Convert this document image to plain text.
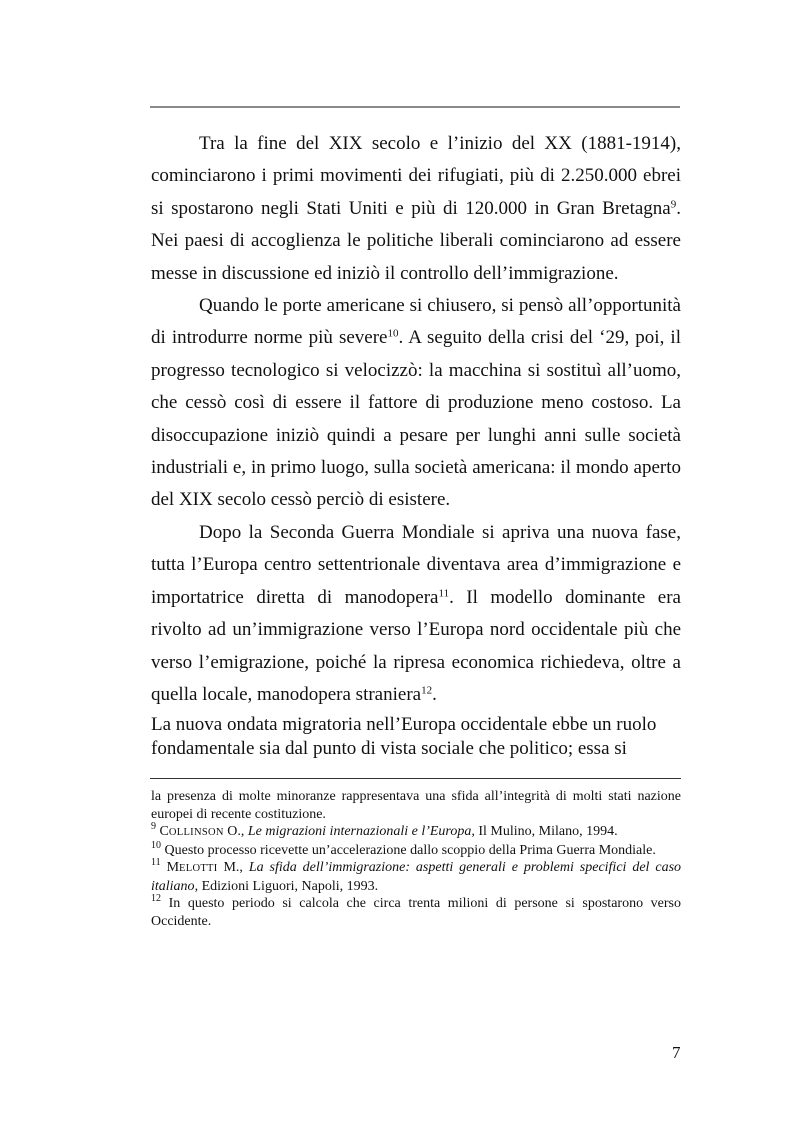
Tra la fine del XIX secolo e l’inizio del XX (1881-1914), cominciarono i primi movimenti dei rifugiati, più di 2.250.000 ebrei si spostarono negli Stati Uniti e più di 120.000 in Gran Bretagna$^9$. Nei paesi di accoglienza le politiche liberali cominciarono ad essere messe in discussione ed iniziò il controllo dell’immigrazione.

Quando le porte americane si chiusero, si pensò all’opportunità di introdurre norme più severe$^{10}$. A seguito della crisi del ‘29, poi, il progresso tecnologico si velocizzò: la macchina si sostituì all’uomo, che cessò così di essere il fattore di produzione meno costoso. La disoccupazione iniziò quindi a pesare per lunghi anni sulle società industriali e, in primo luogo, sulla società americana: il mondo aperto del XIX secolo cessò perciò di esistere.

Dopo la Seconda Guerra Mondiale si apriva una nuova fase, tutta l’Europa centro settentrionale diventava area d’immigrazione e importatrice diretta di manodopera$^{11}$. Il modello dominante era rivolto ad un’immigrazione verso l’Europa nord occidentale più che verso l’emigrazione, poiché la ripresa economica richiedeva, oltre a quella locale, manodopera straniera$^{12}$.

La nuova ondata migratoria nell’Europa occidentale ebbe un ruolo fondamentale sia dal punto di vista sociale che politico; essa si

la presenza di molte minoranze rappresentava una sfida all’integrità di molti stati nazione europei di recente costituzione.

$^9$ COLLINSON O., Le migrazioni internazionali e l’Europa, Il Mulino, Milano, 1994.

$^{10}$ Questo processo ricevette un’accelerazione dallo scoppio della Prima Guerra Mondiale.

$^{11}$ MELOTTI M., La sfida dell’immigrazione: aspetti generali e problemi specifici del caso italiano, Edizioni Liguori, Napoli, 1993.

$^{12}$ In questo periodo si calcola che circa trenta milioni di persone si spostarono verso Occidente.

7
